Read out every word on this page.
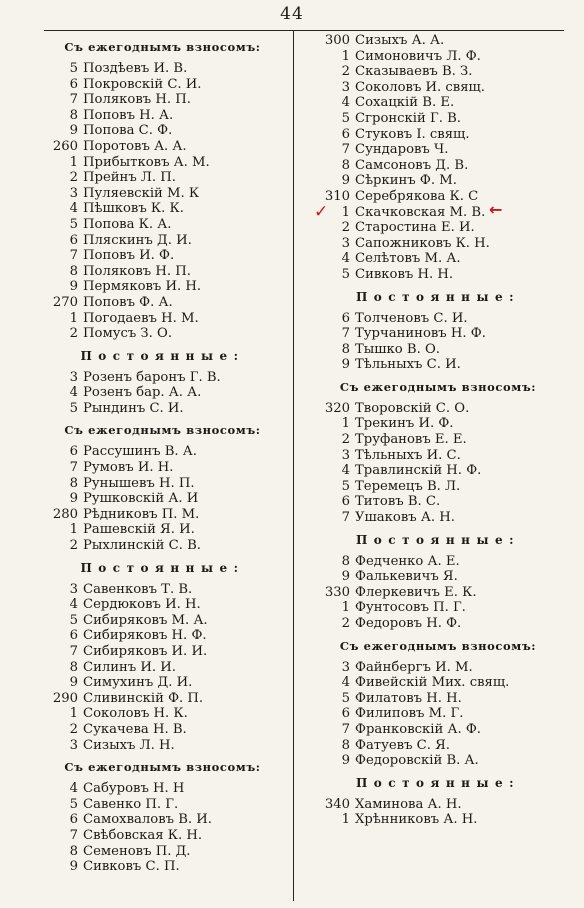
44
Съ ежегоднымъ взносомъ:
5 Поздѣевъ И. В.
6 Покровскій С. И.
7 Поляковъ Н. П.
8 Поповъ Н. А.
9 Попова С. Ф.
260 Поротовъ А. А.
1 Прибытковъ А. М.
2 Прейнъ Л. П.
3 Пуляевскій М. К
4 Пѣшковъ К. К.
5 Попова К. А.
6 Пляскинъ Д. И.
7 Поповъ И. Ф.
8 Поляковъ Н. П.
9 Пермяковъ И. Н.
270 Поповъ Ф. А.
1 Погодаевъ Н. М.
2 Помусъ З. О.
Постоянные:
3 Розенъ баронъ Г. В.
4 Розенъ бар. А. А.
5 Рындинъ С. И.
Съ ежегоднымъ взносомъ:
6 Рассушинъ В. А.
7 Румовъ И. Н.
8 Рунышевъ Н. П.
9 Рушковскій А. И
280 Рѣдниковъ П. М.
1 Рашевскій Я. И.
2 Рыхлинскій С. В.
Постоянные:
3 Савенковъ Т. В.
4 Сердюковъ И. Н.
5 Сибиряковъ М. А.
6 Сибиряковъ Н. Ф.
7 Сибиряковъ И. И.
8 Силинъ И. И.
9 Симухинъ Д. И.
290 Сливинскій Ф. П.
1 Соколовъ Н. К.
2 Сукачева Н. В.
3 Сизыхъ Л. Н.
Съ ежегоднымъ взносомъ:
4 Сабуровъ Н. Н
5 Савенко П. Г.
6 Самохваловъ В. И.
7 Свѣбовская К. Н.
8 Семеновъ П. Д.
9 Сивковъ С. П.
300 Сизыхъ А. А.
1 Симоновичъ Л. Ф.
2 Сказываевъ В. З.
3 Соколовъ И. свящ.
4 Сохацкій В. Е.
5 Сгронскій Г. В.
6 Стуковъ І. свящ.
7 Сундаровъ Ч.
8 Самсоновъ Д. В.
9 Сѣркинъ Ф. М.
310 Серебрякова К. С
1 Скачковская М. В.
✓	←
2 Старостина Е. И.
3 Сапожниковъ К. Н.
4 Селѣтовъ М. А.
5 Сивковъ Н. Н.
Постоянные:
6 Толченовъ С. И.
7 Турчаниновъ Н. Ф.
8 Тышко В. О.
9 Тѣльныхъ С. И.
Съ ежегоднымъ взносомъ:
320 Творовскій С. О.
1 Трекинъ И. Ф.
2 Труфановъ Е. Е.
3 Тѣльныхъ И. С.
4 Травлинскій Н. Ф.
5 Теремецъ В. Л.
6 Титовъ В. С.
7 Ушаковъ А. Н.
Постоянные:
8 Федченко А. Е.
9 Фалькевичъ Я.
330 Флеркевичъ Е. К.
1 Фунтосовъ П. Г.
2 Федоровъ Н. Ф.
Съ ежегоднымъ взносомъ:
3 Файнбергъ И. М.
4 Фивейскій Мих. свящ.
5 Филатовъ Н. Н.
6 Филиповъ М. Г.
7 Франковскій А. Ф.
8 Фатуевъ С. Я.
9 Федоровскій В. А.
Постоянные:
340 Хаминова А. Н.
1 Хрѣнниковъ А. Н.
